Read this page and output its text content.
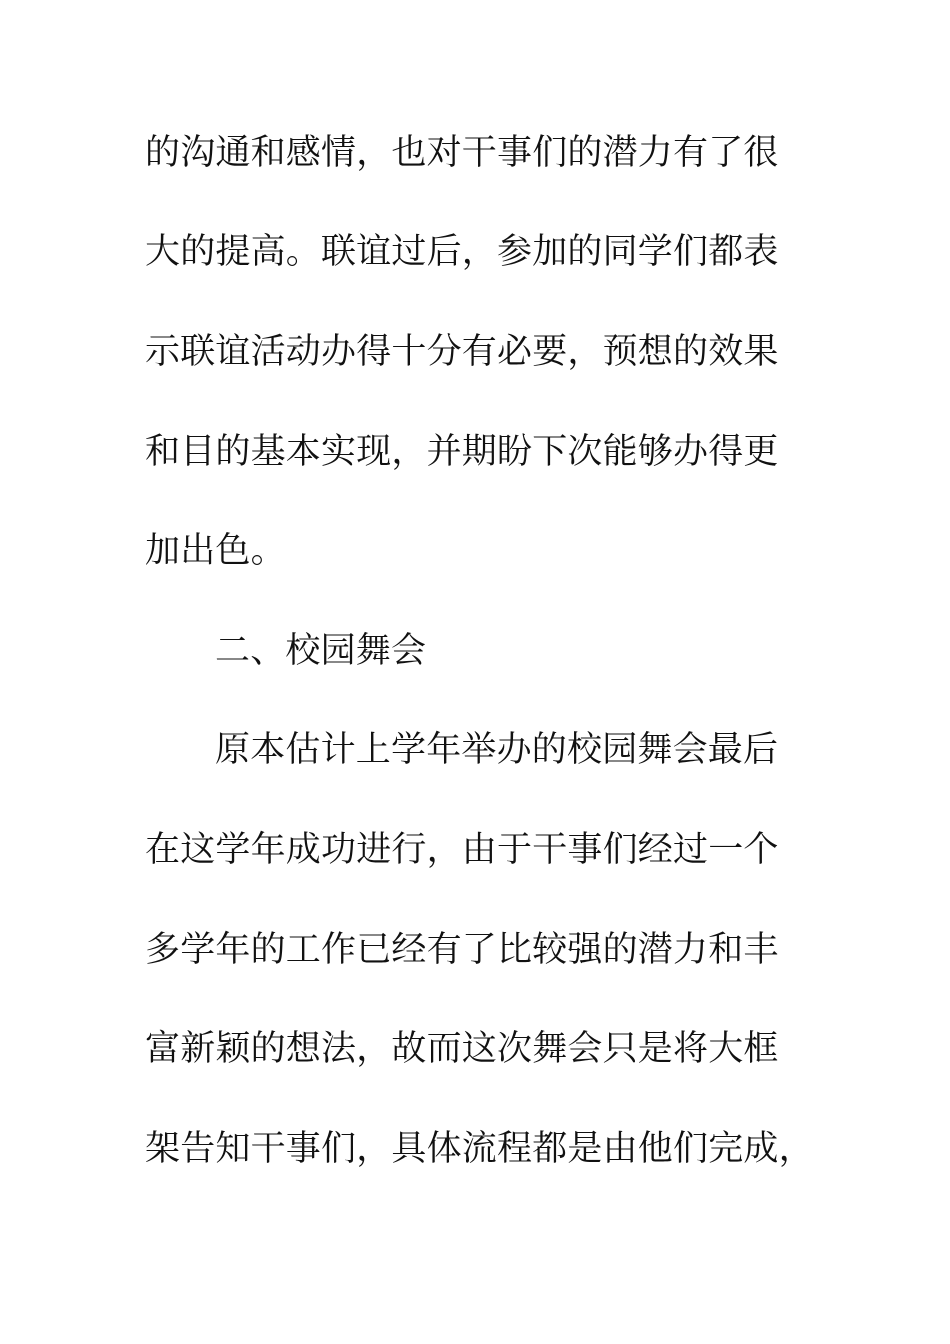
的沟通和感情，也对干事们的潜力有了很
大的提高。联谊过后，参加的同学们都表
示联谊活动办得十分有必要，预想的效果
和目的基本实现，并期盼下次能够办得更
加出色。
二、校园舞会
原本估计上学年举办的校园舞会最后
在这学年成功进行，由于干事们经过一个
多学年的工作已经有了比较强的潜力和丰
富新颖的想法，故而这次舞会只是将大框
架告知干事们，具体流程都是由他们完成，
